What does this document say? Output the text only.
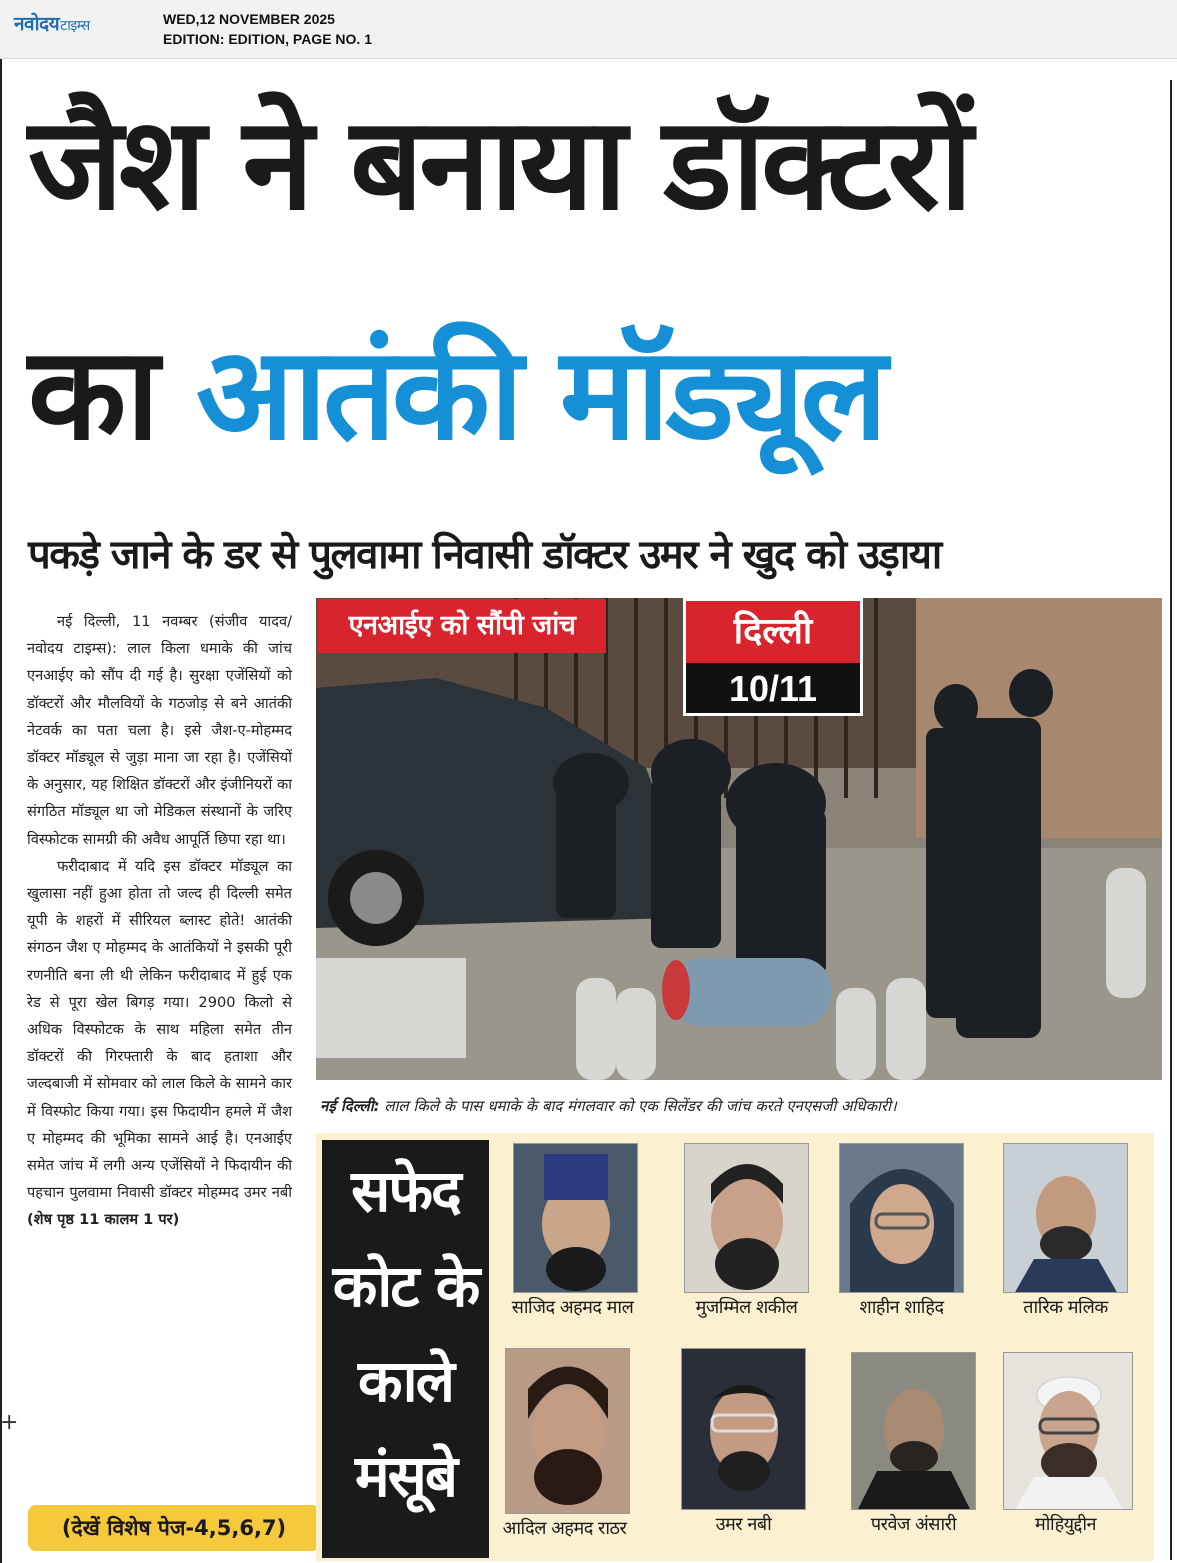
नवोदयटाइम्स	WED,12 NOVEMBER 2025
EDITION: EDITION, PAGE NO. 1
जैश ने बनाया डॉक्टरों
का आतंकी मॉड्यूल
पकड़े जाने के डर से पुलवामा निवासी डॉक्टर उमर ने खुद को उड़ाया

नई दिल्ली, 11 नवम्बर (संजीव यादव/नवोदय टाइम्स): लाल किला धमाके की जांच एनआईए को सौंप दी गई है। सुरक्षा एजेंसियों को डॉक्टरों और मौलवियों के गठजोड़ से बने आतंकी नेटवर्क का पता चला है। इसे जैश-ए-मोहम्मद डॉक्टर मॉड्यूल से जुड़ा माना जा रहा है। एजेंसियों के अनुसार, यह शिक्षित डॉक्टरों और इंजीनियरों का संगठित मॉड्यूल था जो मेडिकल संस्थानों के जरिए विस्फोटक सामग्री की अवैध आपूर्ति छिपा रहा था।

फरीदाबाद में यदि इस डॉक्टर मॉड्यूल का खुलासा नहीं हुआ होता तो जल्द ही दिल्ली समेत यूपी के शहरों में सीरियल ब्लास्ट होते! आतंकी संगठन जैश ए मोहम्मद के आतंकियों ने इसकी पूरी रणनीति बना ली थी लेकिन फरीदाबाद में हुई एक रेड से पूरा खेल बिगड़ गया। 2900 किलो से अधिक विस्फोटक के साथ महिला समेत तीन डॉक्टरों की गिरफ्तारी के बाद हताशा और जल्दबाजी में सोमवार को लाल किले के सामने कार में विस्फोट किया गया। इस फिदायीन हमले में जैश ए मोहम्मद की भूमिका सामने आई है। एनआईए समेत जांच में लगी अन्य एजेंसियों ने फिदायीन की पहचान पुलवामा निवासी डॉक्टर मोहम्मद उमर नबी (शेष पृष्ठ 11 कालम 1 पर)

+
(देखें विशेष पेज-4,5,6,7)
एनआईए को सौंपी जांच	दिल्ली
10/11
नई दिल्ली: लाल किले के पास धमाके के बाद मंगलवार को एक सिलेंडर की जांच करते एनएसजी अधिकारी।
सफेद
कोट के
काले
मंसूबे
साजिद अहमद माल	मुजम्मिल शकील	शाहीन शाहिद	तारिक मलिक
आदिल अहमद राठर	उमर नबी	परवेज अंसारी	मोहियुद्दीन
